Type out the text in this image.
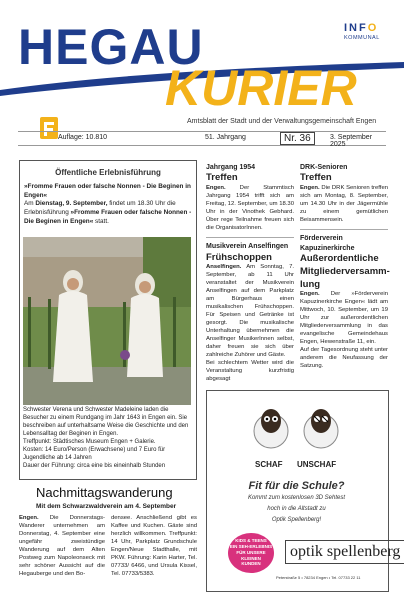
HEGAU
KURIER
INFO
KOMMUNAL
Amtsblatt der Stadt und der Verwaltungsgemeinschaft Engen
Auflage: 10.810	51. Jahrgang	Nr. 36	3. September 2025
Öffentliche Erlebnisführung
»Fromme Frauen oder falsche Nonnen - Die Beginen in Engen«
Am Dienstag, 9. September, findet um 18.30 Uhr die Erlebnisführung »Fromme Frauen oder falsche Nonnen - Die Beginen in Engen« statt.
Schwester Verena und Schwester Madeleine laden die Besucher zu einem Rundgang im Jahr 1643 in Engen ein. Sie beschreiben auf unterhaltsame Weise die Geschichte und den Lebensalltag der Beginen in Engen.
Treffpunkt: Städtisches Museum Engen + Galerie.
Kosten: 14 Euro/Person (Erwachsene) und 7 Euro für Jugendliche ab 14 Jahren
Dauer der Führung: circa eine bis eineinhalb Stunden
Jahrgang 1954
Treffen
Engen. Der Stammtisch Jahrgang 1954 trifft sich am Freitag, 12. September, um 18.30 Uhr in der Vinothek Gebhard. Über rege Teilnahme freuen sich die OrganisatorInnen.
Musikverein Anselfingen
Frühschoppen
Anselfingen. Am Sonntag, 7. September, ab 11 Uhr veranstaltet der Musikverein Anselfingen auf dem Parkplatz am Bürgerhaus einen musikalischen Frühschoppen. Für Speisen und Getränke ist gesorgt. Die musikalische Unterhaltung übernehmen die Anselfinger MusikerInnen selbst, daher freuen sie sich über zahlreiche Zuhörer und Gäste.
Bei schlechtem Wetter wird die Veranstaltung kurzfristig abgesagt
DRK-Senioren
Treffen
Engen. Die DRK Senioren treffen sich am Montag, 8. September, um 14.30 Uhr in der Jägermühle zu einem gemütlichen Beisammensein.
Förderverein
Kapuzinerkirche
Außerordentliche
Mitgliederversamm-
lung
Engen. Der »Förderverein Kapuzinerkirche Engen« lädt am Mittwoch, 10. September, um 19 Uhr zur außerordentlichen Mitgliederversammlung in das evangelische Gemeindehaus Engen, Hewenstraße 11, ein.
Auf der Tagesordnung steht unter anderem die Neufassung der Satzung.
Nachmittagswanderung
Mit dem Schwarzwaldverein am 4. September
Engen. Die Donnerstags-Wanderer unternehmen am Donnerstag, 4. September eine ungefähr zweistündige Wanderung auf dem Alten Postweg zum Napoleonseck mit sehr schöner Aussicht auf die Hegauberge und den Bo-
densee. Anschließend gibt es Kaffee und Kuchen. Gäste sind herzlich willkommen. Treffpunkt: 14 Uhr, Parkplatz Grundschule Engen/Neue Stadthalle, mit PKW. Führung: Karin Harter, Tel. 07733/ 6466, und Ursula Kissel, Tel. 07733/5383.
SCHAF UNSCHAF
Fit für die Schule?
Kommt zum kostenlosen 3D Sehtest
hoch in die Altstadt zu
Optik Spellenberg!
KIDS & TEENS
EIN SEH-ERLEBNIS
FÜR UNSERE
KLEINEN
KUNDEN
optik spellenberg
Peterstraße 5 • 78234 Engen • Tel. 07733 22 11
